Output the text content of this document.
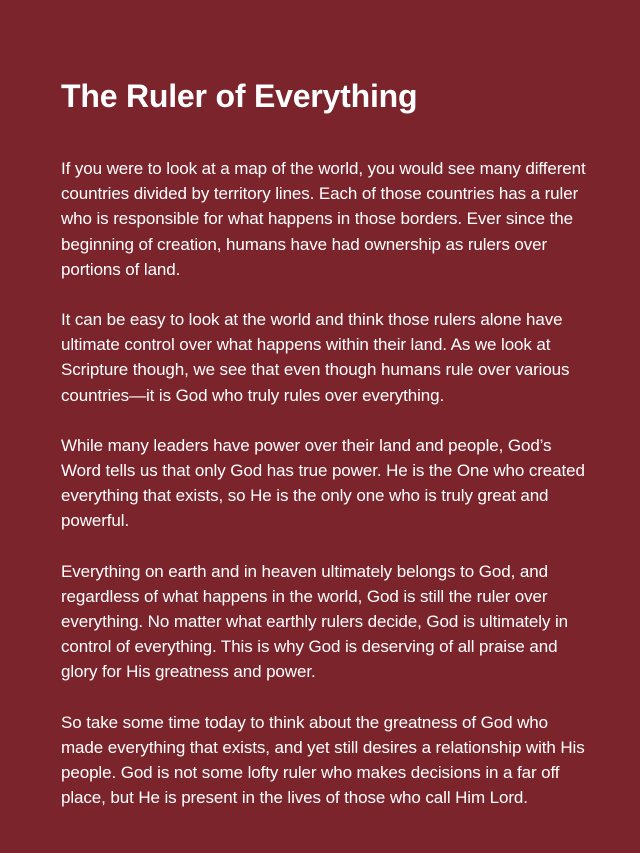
The Ruler of Everything

If you were to look at a map of the world, you would see many different countries divided by territory lines. Each of those countries has a ruler who is responsible for what happens in those borders. Ever since the beginning of creation, humans have had ownership as rulers over portions of land.

It can be easy to look at the world and think those rulers alone have ultimate control over what happens within their land. As we look at Scripture though, we see that even though humans rule over various countries—it is God who truly rules over everything.

While many leaders have power over their land and people, God’s Word tells us that only God has true power. He is the One who created everything that exists, so He is the only one who is truly great and powerful.

Everything on earth and in heaven ultimately belongs to God, and regardless of what happens in the world, God is still the ruler over everything. No matter what earthly rulers decide, God is ultimately in control of everything. This is why God is deserving of all praise and glory for His greatness and power.

So take some time today to think about the greatness of God who made everything that exists, and yet still desires a relationship with His people. God is not some lofty ruler who makes decisions in a far off place, but He is present in the lives of those who call Him Lord.
